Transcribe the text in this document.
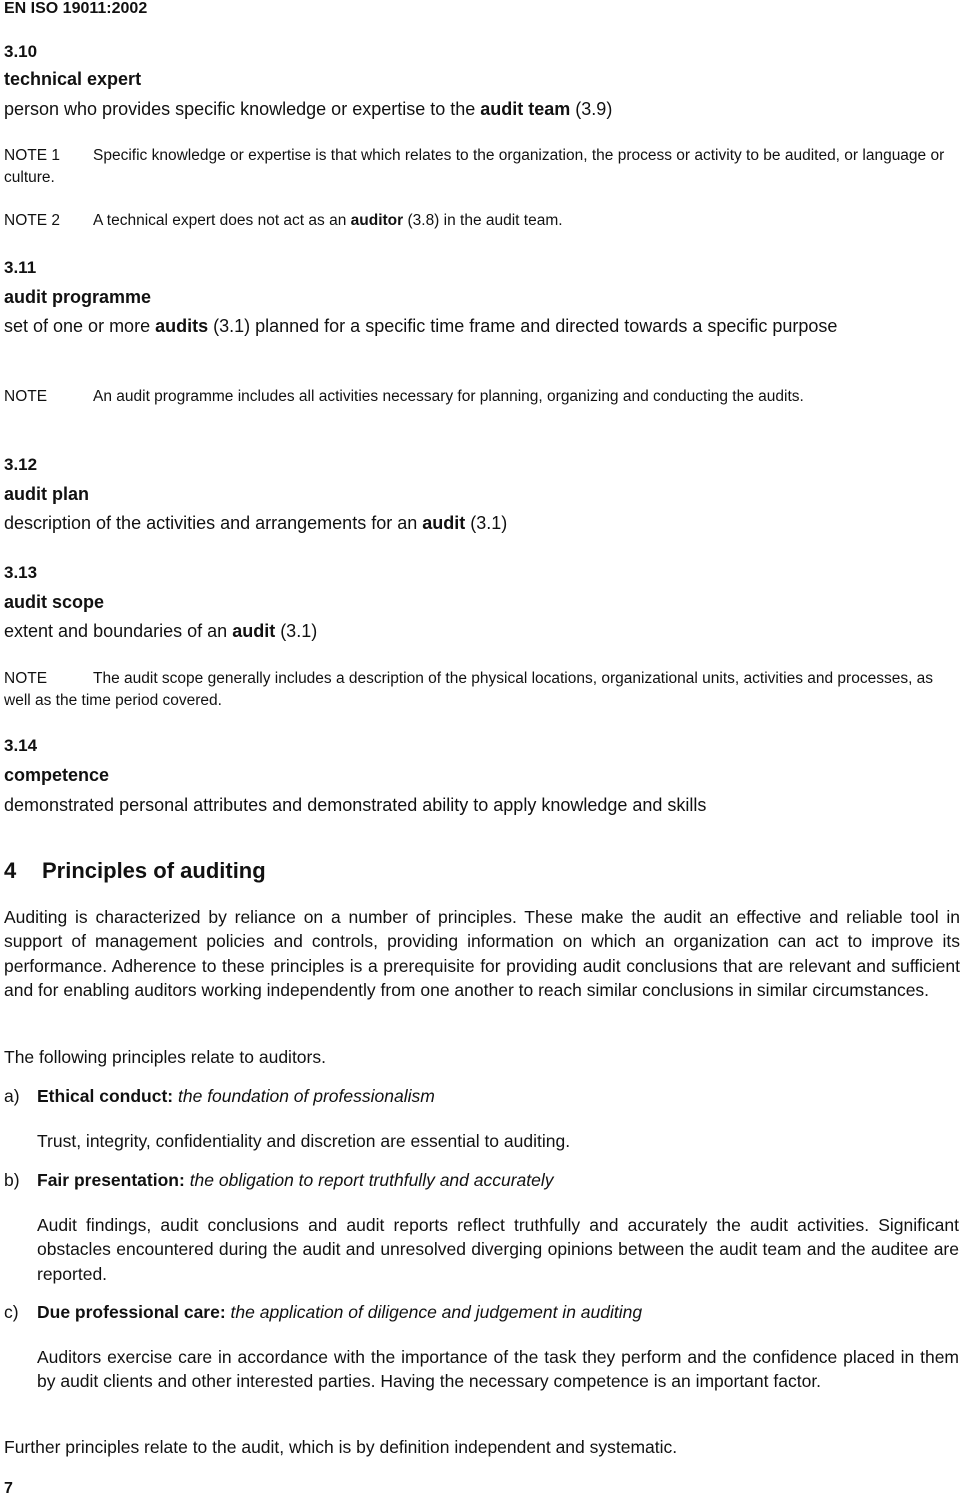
EN ISO 19011:2002
3.10
technical expert
person who provides specific knowledge or expertise to the audit team (3.9)
NOTE 1 Specific knowledge or expertise is that which relates to the organization, the process or activity to be audited, or language or culture.
NOTE 2 A technical expert does not act as an auditor (3.8) in the audit team.
3.11
audit programme
set of one or more audits (3.1) planned for a specific time frame and directed towards a specific purpose
NOTE	An audit programme includes all activities necessary for planning, organizing and conducting the audits.
3.12
audit plan
description of the activities and arrangements for an audit (3.1)
3.13
audit scope
extent and boundaries of an audit (3.1)
NOTE	The audit scope generally includes a description of the physical locations, organizational units, activities and processes, as well as the time period covered.
3.14
competence
demonstrated personal attributes and demonstrated ability to apply knowledge and skills
4 Principles of auditing
Auditing is characterized by reliance on a number of principles. These make the audit an effective and reliable tool in support of management policies and controls, providing information on which an organization can act to improve its performance. Adherence to these principles is a prerequisite for providing audit conclusions that are relevant and sufficient and for enabling auditors working independently from one another to reach similar conclusions in similar circumstances.
The following principles relate to auditors.
a) Ethical conduct: the foundation of professionalism
Trust, integrity, confidentiality and discretion are essential to auditing.
b) Fair presentation: the obligation to report truthfully and accurately
Audit findings, audit conclusions and audit reports reflect truthfully and accurately the audit activities. Significant obstacles encountered during the audit and unresolved diverging opinions between the audit team and the auditee are reported.
c) Due professional care: the application of diligence and judgement in auditing
Auditors exercise care in accordance with the importance of the task they perform and the confidence placed in them by audit clients and other interested parties. Having the necessary competence is an important factor.
Further principles relate to the audit, which is by definition independent and systematic.
7
